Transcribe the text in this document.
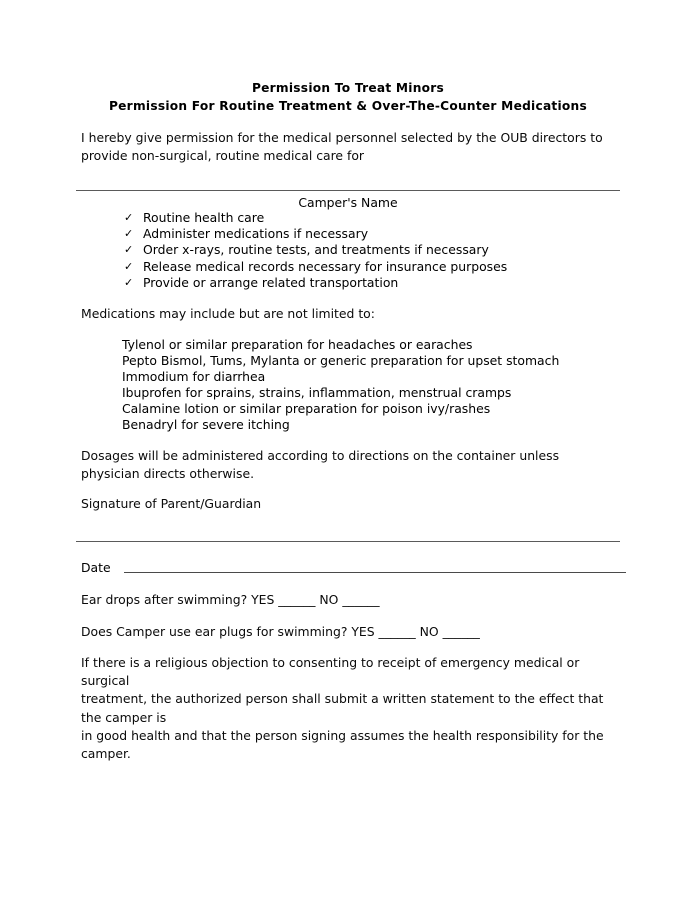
Permission To Treat Minors
Permission For Routine Treatment & Over-The-Counter Medications
I hereby give permission for the medical personnel selected by the OUB directors to provide non-surgical, routine medical care for
Camper's Name
✓ Routine health care
✓ Administer medications if necessary
✓ Order x-rays, routine tests, and treatments if necessary
✓ Release medical records necessary for insurance purposes
✓ Provide or arrange related transportation
Medications may include but are not limited to:
Tylenol or similar preparation for headaches or earaches
Pepto Bismol, Tums, Mylanta or generic preparation for upset stomach
Immodium for diarrhea
Ibuprofen for sprains, strains, inflammation, menstrual cramps
Calamine lotion or similar preparation for poison ivy/rashes
Benadryl for severe itching
Dosages will be administered according to directions on the container unless physician directs otherwise.
Signature of Parent/Guardian
Date
Ear drops after swimming? YES ______ NO ______
Does Camper use ear plugs for swimming? YES ______ NO ______
If there is a religious objection to consenting to receipt of emergency medical or surgical
treatment, the authorized person shall submit a written statement to the effect that the camper is
in good health and that the person signing assumes the health responsibility for the camper.
